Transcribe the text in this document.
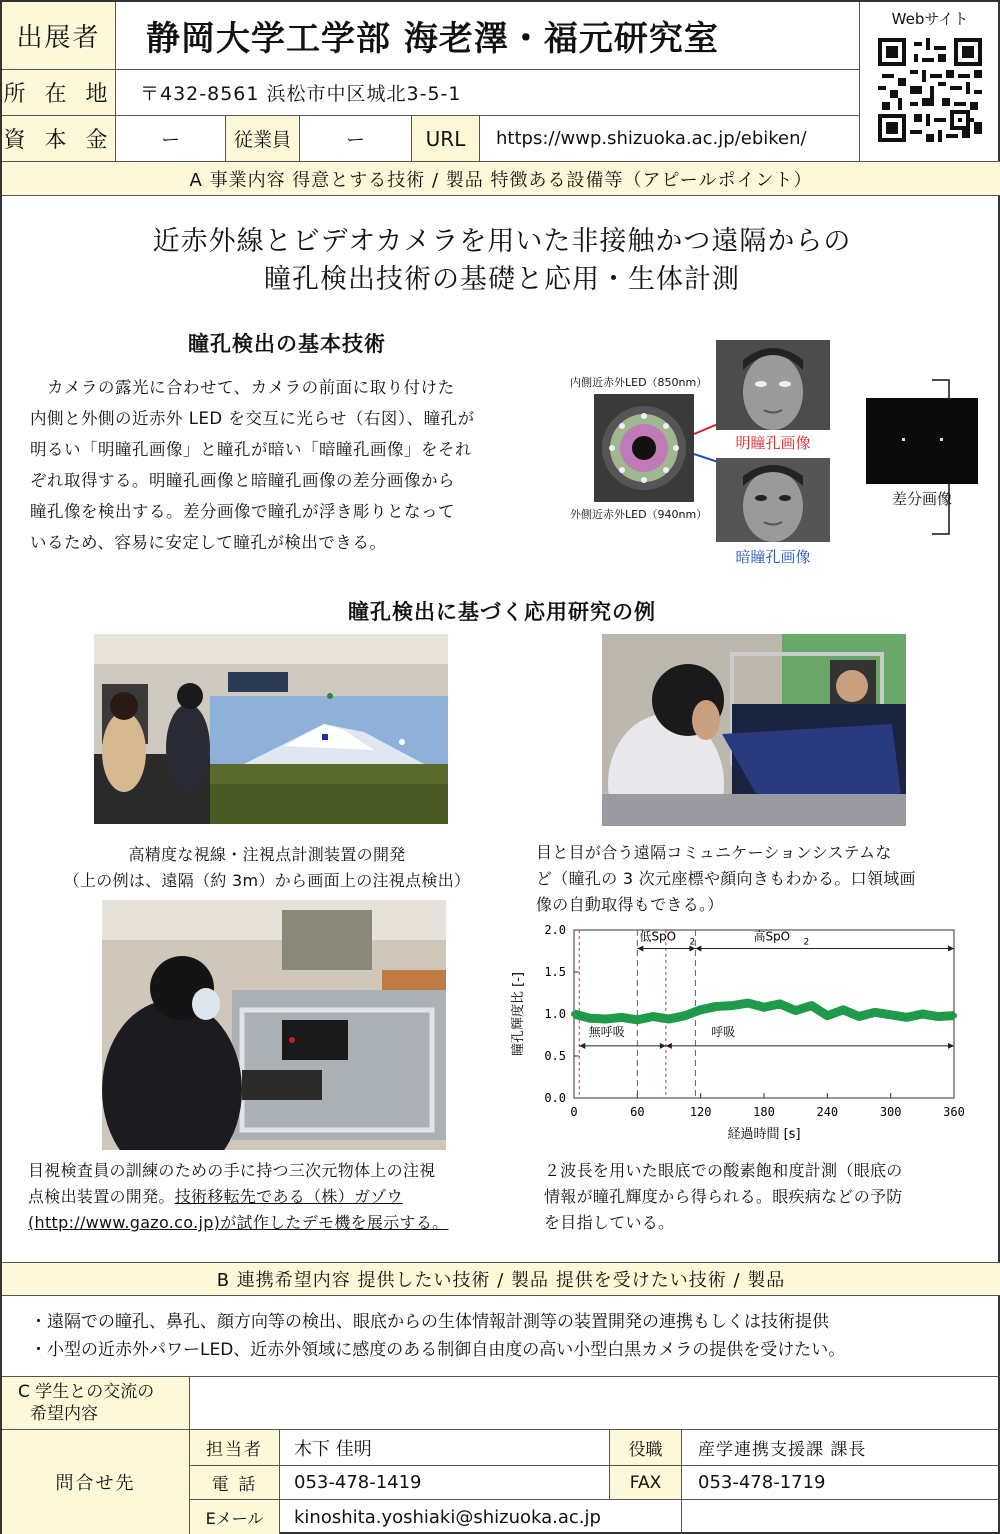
出展者	静岡大学工学部 海老澤・福元研究室
所 在 地	〒432-8561 浜松市中区城北3-5-1
資 本 金	ー	従業員	ー	URL	https://wwp.shizuoka.ac.jp/ebiken/
Webサイト
A 事業内容 得意とする技術 / 製品 特徴ある設備等（アピールポイント）
近赤外線とビデオカメラを用いた非接触かつ遠隔からの
瞳孔検出技術の基礎と応用・生体計測
瞳孔検出の基本技術
　カメラの露光に合わせて、カメラの前面に取り付けた
内側と外側の近赤外 LED を交互に光らせ（右図）、瞳孔が
明るい「明瞳孔画像」と瞳孔が暗い「暗瞳孔画像」をそれ
ぞれ取得する。明瞳孔画像と暗瞳孔画像の差分画像から
瞳孔像を検出する。差分画像で瞳孔が浮き彫りとなって
いるため、容易に安定して瞳孔が検出できる。
内側近赤外LED（850nm）
外側近赤外LED（940nm）
明瞳孔画像
暗瞳孔画像
差分画像
瞳孔検出に基づく応用研究の例
高精度な視線・注視点計測装置の開発
（上の例は、遠隔（約 3m）から画面上の注視点検出）
目と目が合う遠隔コミュニケーションシステムな
ど（瞳孔の 3 次元座標や顔向きもわかる。口領域画
像の自動取得もできる。）
0.0
0.5
1.0
1.5
2.0
0	60	120	180	240	300	360
経過時間 [s]
瞳孔輝度比 [-]
低SpO 2	高SpO 2
無呼吸	呼吸
目視検査員の訓練のための手に持つ三次元物体上の注視
点検出装置の開発。技術移転先である（株）ガゾウ
(http://www.gazo.co.jp)が試作したデモ機を展示する。
２波長を用いた眼底での酸素飽和度計測（眼底の
情報が瞳孔輝度から得られる。眼疾病などの予防
を目指している。
B 連携希望内容 提供したい技術 / 製品 提供を受けたい技術 / 製品
・遠隔での瞳孔、鼻孔、顔方向等の検出、眼底からの生体情報計測等の装置開発の連携もしくは技術提供
・小型の近赤外パワーLED、近赤外領域に感度のある制御自由度の高い小型白黒カメラの提供を受けたい。
C 学生との交流の
希望内容
問合せ先
担当者	木下 佳明	役職	産学連携支援課 課長
電 話	053-478-1419	FAX	053-478-1719
Eメール	kinoshita.yoshiaki@shizuoka.ac.jp
